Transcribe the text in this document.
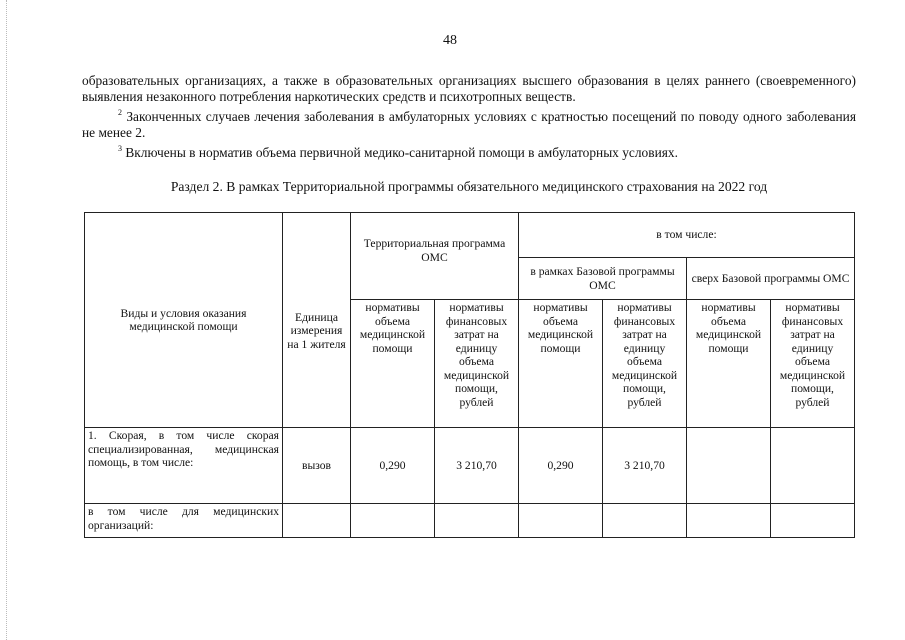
48
образовательных организациях, а также в образовательных организациях высшего образования в целях раннего (своевременного) выявления незаконного потребления наркотических средств и психотропных веществ.
$^2$ Законченных случаев лечения заболевания в амбулаторных условиях с кратностью посещений по поводу одного заболевания не менее 2.
$^3$ Включены в норматив объема первичной медико-санитарной помощи в амбулаторных условиях.
Раздел 2. В рамках Территориальной программы обязательного медицинского страхования на 2022 год
Виды и условия оказания медицинской помощи	Единица измерения на 1 жителя	Территориальная программа ОМС		в том числе:			
				в рамках Базовой программы ОМС		сверх Базовой программы ОМС	
		нормативы объема медицинской помощи	нормативы финансовых затрат на единицу объема медицинской помощи, рублей	нормативы объема медицинской помощи	нормативы финансовых затрат на единицу объема медицинской помощи, рублей	нормативы объема медицинской помощи	нормативы финансовых затрат на единицу объема медицинской помощи, рублей
1. Скорая, в том числе скорая специализированная, медицинская помощь, в том числе:	вызов	0,290	3 210,70	0,290	3 210,70		
в том числе для медицинских организаций:							
